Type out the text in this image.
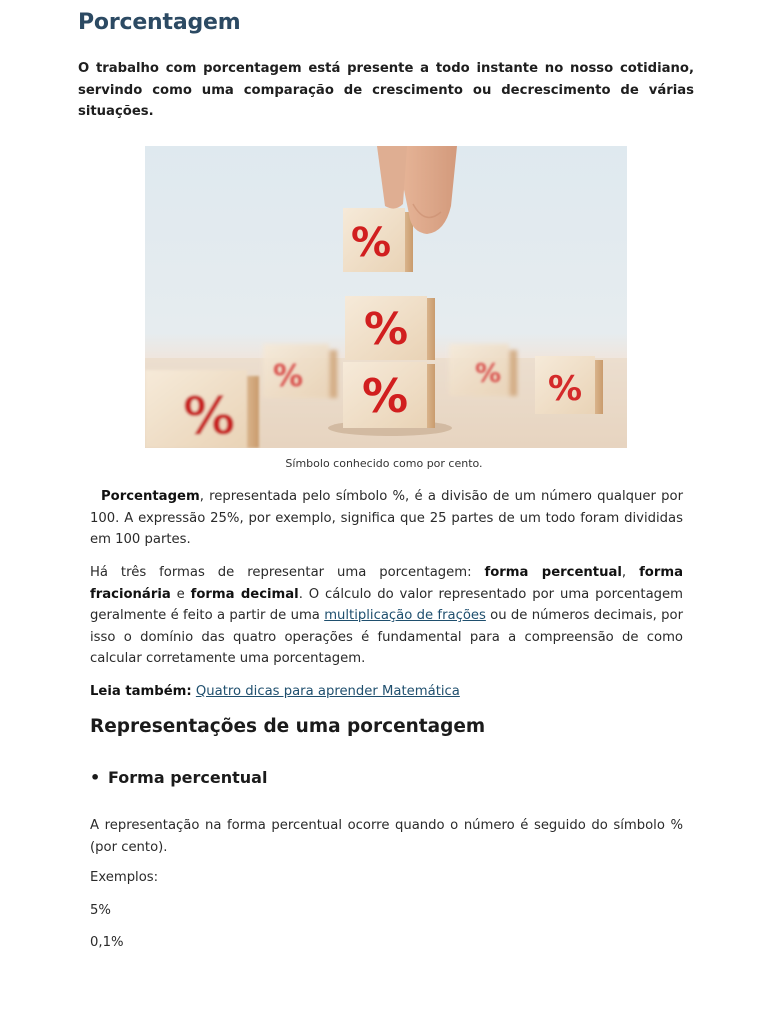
Porcentagem

O trabalho com porcentagem está presente a todo instante no nosso cotidiano, servindo como uma comparação de crescimento ou decrescimento de várias situações.

%	% %
%	%
%
%
Símbolo conhecido como por cento.

Porcentagem, representada pelo símbolo %, é a divisão de um número qualquer por 100. A expressão 25%, por exemplo, significa que 25 partes de um todo foram divididas em 100 partes.

Há três formas de representar uma porcentagem: forma percentual, forma fracionária e forma decimal. O cálculo do valor representado por uma porcentagem geralmente é feito a partir de uma multiplicação de frações ou de números decimais, por isso o domínio das quatro operações é fundamental para a compreensão de como calcular corretamente uma porcentagem.

Leia também: Quatro dicas para aprender Matemática

Representações de uma porcentagem
• Forma percentual

A representação na forma percentual ocorre quando o número é seguido do símbolo % (por cento).

Exemplos:
5%
0,1%
